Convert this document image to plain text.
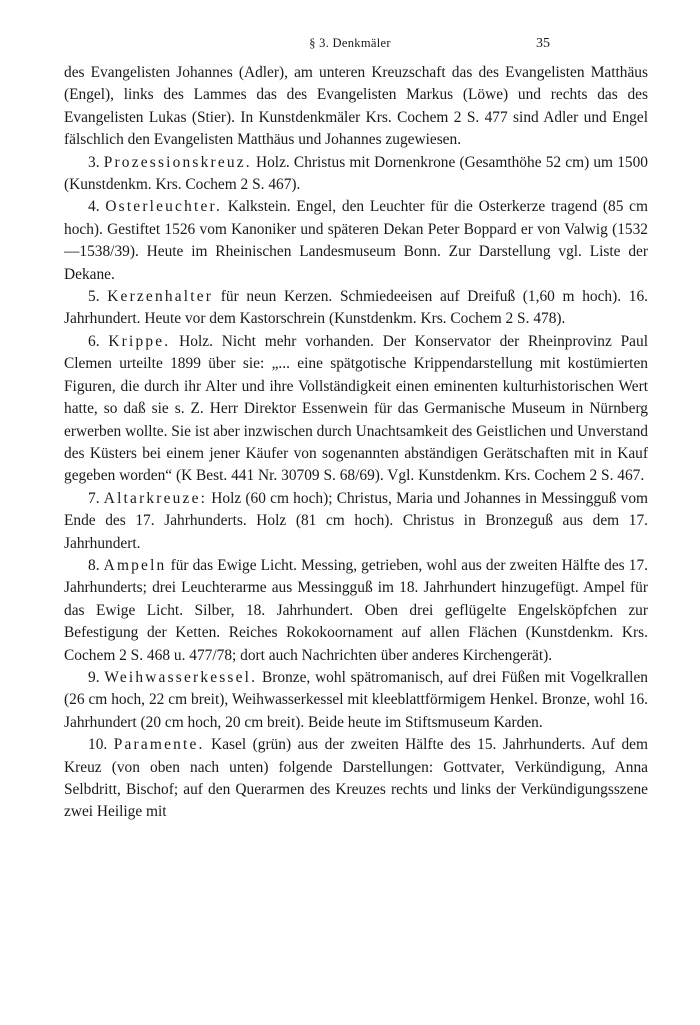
§ 3. Denkmäler	35

des Evangelisten Johannes (Adler), am unteren Kreuzschaft das des Evangelisten Matthäus (Engel), links des Lammes das des Evangelisten Markus (Löwe) und rechts das des Evangelisten Lukas (Stier). In Kunstdenkmäler Krs. Cochem 2 S. 477 sind Adler und Engel fälschlich den Evangelisten Matthäus und Johannes zugewiesen.

3. Prozessionskreuz. Holz. Christus mit Dornenkrone (Gesamthöhe 52 cm) um 1500 (Kunstdenkm. Krs. Cochem 2 S. 467).

4. Osterleuchter. Kalkstein. Engel, den Leuchter für die Osterkerze tragend (85 cm hoch). Gestiftet 1526 vom Kanoniker und späteren Dekan Peter Boppard er von Valwig (1532—1538/39). Heute im Rheinischen Landesmuseum Bonn. Zur Darstellung vgl. Liste der Dekane.

5. Kerzenhalter für neun Kerzen. Schmiedeeisen auf Dreifuß (1,60 m hoch). 16. Jahrhundert. Heute vor dem Kastorschrein (Kunstdenkm. Krs. Cochem 2 S. 478).

6. Krippe. Holz. Nicht mehr vorhanden. Der Konservator der Rheinprovinz Paul Clemen urteilte 1899 über sie: „... eine spätgotische Krippendarstellung mit kostümierten Figuren, die durch ihr Alter und ihre Vollständigkeit einen eminenten kulturhistorischen Wert hatte, so daß sie s. Z. Herr Direktor Essenwein für das Germanische Museum in Nürnberg erwerben wollte. Sie ist aber inzwischen durch Unachtsamkeit des Geistlichen und Unverstand des Küsters bei einem jener Käufer von sogenannten abständigen Gerätschaften mit in Kauf gegeben worden“ (K Best. 441 Nr. 30709 S. 68/69). Vgl. Kunstdenkm. Krs. Cochem 2 S. 467.

7. Altarkreuze: Holz (60 cm hoch); Christus, Maria und Johannes in Messingguß vom Ende des 17. Jahrhunderts. Holz (81 cm hoch). Christus in Bronzeguß aus dem 17. Jahrhundert.

8. Ampeln für das Ewige Licht. Messing, getrieben, wohl aus der zweiten Hälfte des 17. Jahrhunderts; drei Leuchterarme aus Messingguß im 18. Jahrhundert hinzugefügt. Ampel für das Ewige Licht. Silber, 18. Jahrhundert. Oben drei geflügelte Engelsköpfchen zur Befestigung der Ketten. Reiches Rokokoornament auf allen Flächen (Kunstdenkm. Krs. Cochem 2 S. 468 u. 477/78; dort auch Nachrichten über anderes Kirchengerät).

9. Weihwasserkessel. Bronze, wohl spätromanisch, auf drei Füßen mit Vogelkrallen (26 cm hoch, 22 cm breit), Weihwasserkessel mit kleeblattförmigem Henkel. Bronze, wohl 16. Jahrhundert (20 cm hoch, 20 cm breit). Beide heute im Stiftsmuseum Karden.

10. Paramente. Kasel (grün) aus der zweiten Hälfte des 15. Jahrhunderts. Auf dem Kreuz (von oben nach unten) folgende Darstellungen: Gottvater, Verkündigung, Anna Selbdritt, Bischof; auf den Querarmen des Kreuzes rechts und links der Verkündigungsszene zwei Heilige mit
